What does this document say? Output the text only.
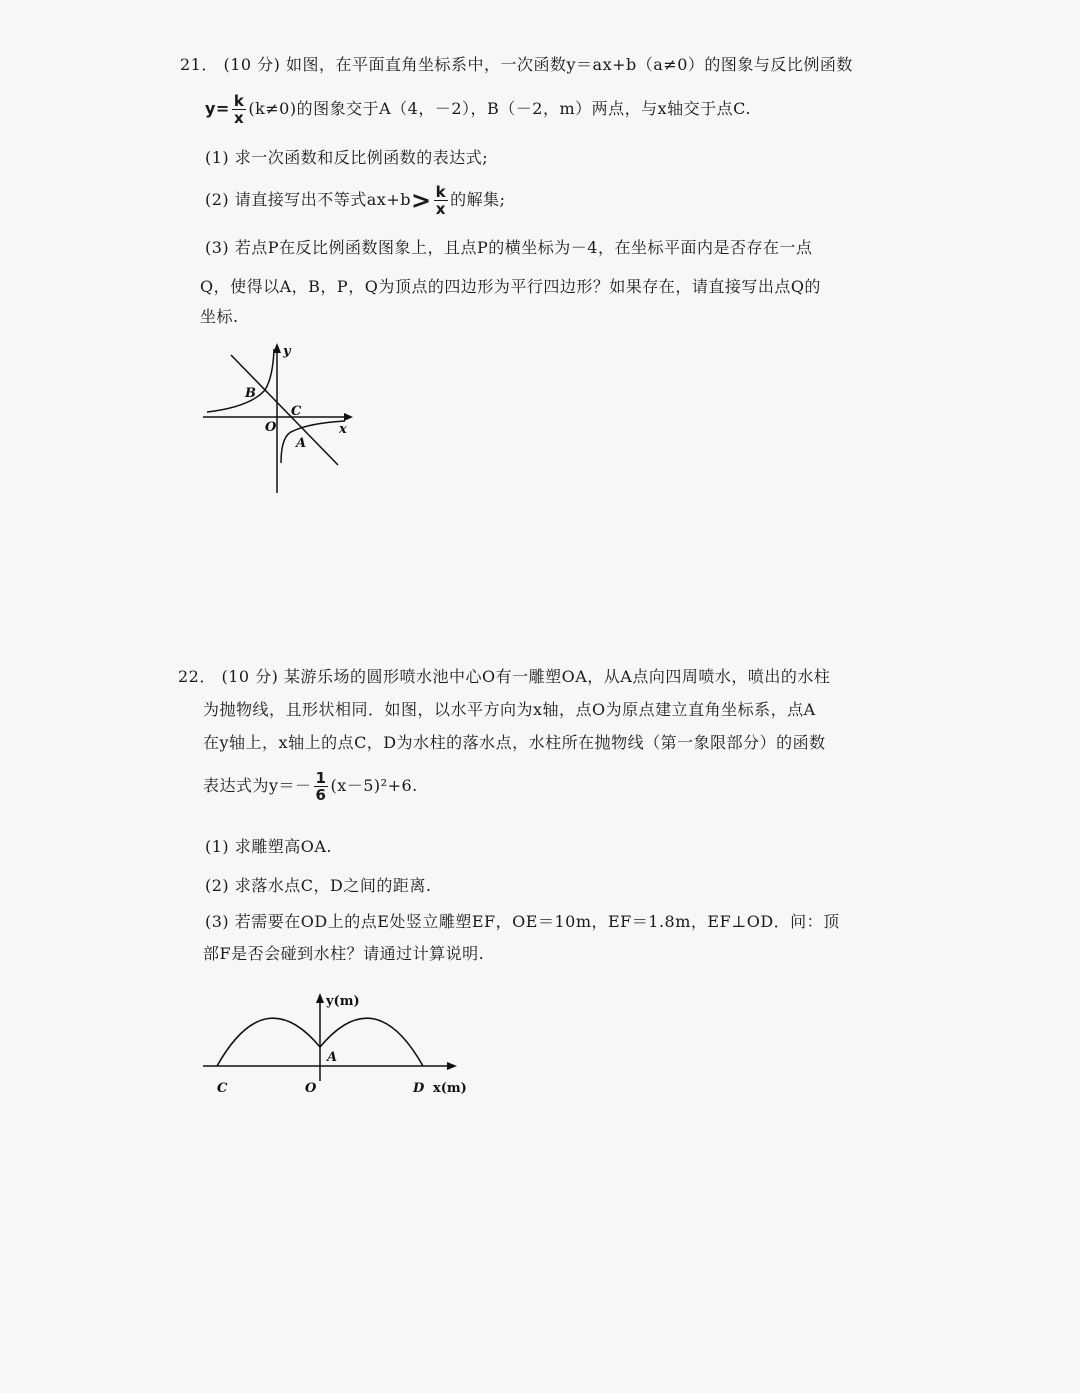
21． (10 分) 如图，在平面直角坐标系中，一次函数y＝ax+b（a≠0）的图象与反比例函数
$y= \frac{k}{x} (k\ne 0)$的图象交于A（4，－2），B（－2，m）两点，与x轴交于点C.
(1) 求一次函数和反比例函数的表达式;
(2) 请直接写出不等式$ax+b> \frac{k}{x}$ 的解集;
(3) 若点P在反比例函数图象上，且点P的横坐标为－4，在坐标平面内是否存在一点
Q，使得以A，B，P，Q为顶点的四边形为平行四边形？如果存在，请直接写出点Q的
坐标.
y
x
O
B
C
A
22． (10 分) 某游乐场的圆形喷水池中心O有一雕塑OA，从A点向四周喷水，喷出的水柱
为抛物线，且形状相同．如图，以水平方向为x轴，点O为原点建立直角坐标系，点A
在y轴上，x轴上的点C，D为水柱的落水点，水柱所在抛物线（第一象限部分）的函数
表达式为$y=- \frac{1}{6} (x-5)^2+6$.
(1) 求雕塑高OA.
(2) 求落水点C，D之间的距离.
(3) 若需要在OD上的点E处竖立雕塑EF，OE＝10m，EF＝1.8m，EF⊥OD．问：顶
部F是否会碰到水柱？请通过计算说明.
y(m)
A
C	O	D x(m)
